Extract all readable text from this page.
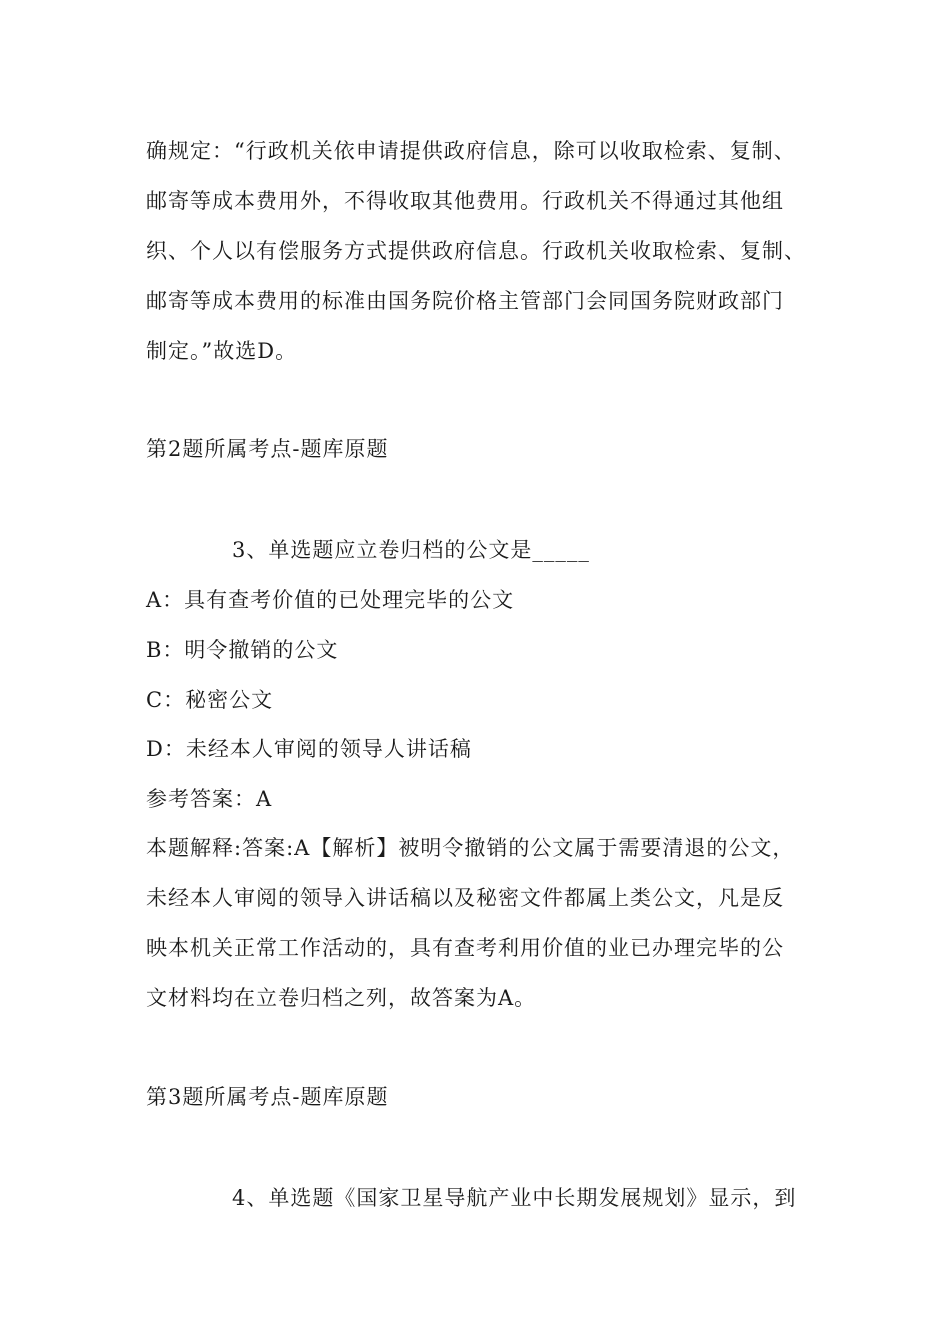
确规定：“行政机关依申请提供政府信息，除可以收取检索、复制、
邮寄等成本费用外，不得收取其他费用。行政机关不得通过其他组
织、个人以有偿服务方式提供政府信息。行政机关收取检索、复制、
邮寄等成本费用的标准由国务院价格主管部门会同国务院财政部门
制定。”故选D。
第2题所属考点-题库原题
3、单选题应立卷归档的公文是_____
A：具有查考价值的已处理完毕的公文
B：明令撤销的公文
C：秘密公文
D：未经本人审阅的领导人讲话稿
参考答案：A
本题解释:答案:A【解析】被明令撤销的公文属于需要清退的公文，
未经本人审阅的领导入讲话稿以及秘密文件都属上类公文，凡是反
映本机关正常工作活动的，具有查考利用价值的业已办理完毕的公
文材料均在立卷归档之列，故答案为A。
第3题所属考点-题库原题
4、单选题《国家卫星导航产业中长期发展规划》显示，到
